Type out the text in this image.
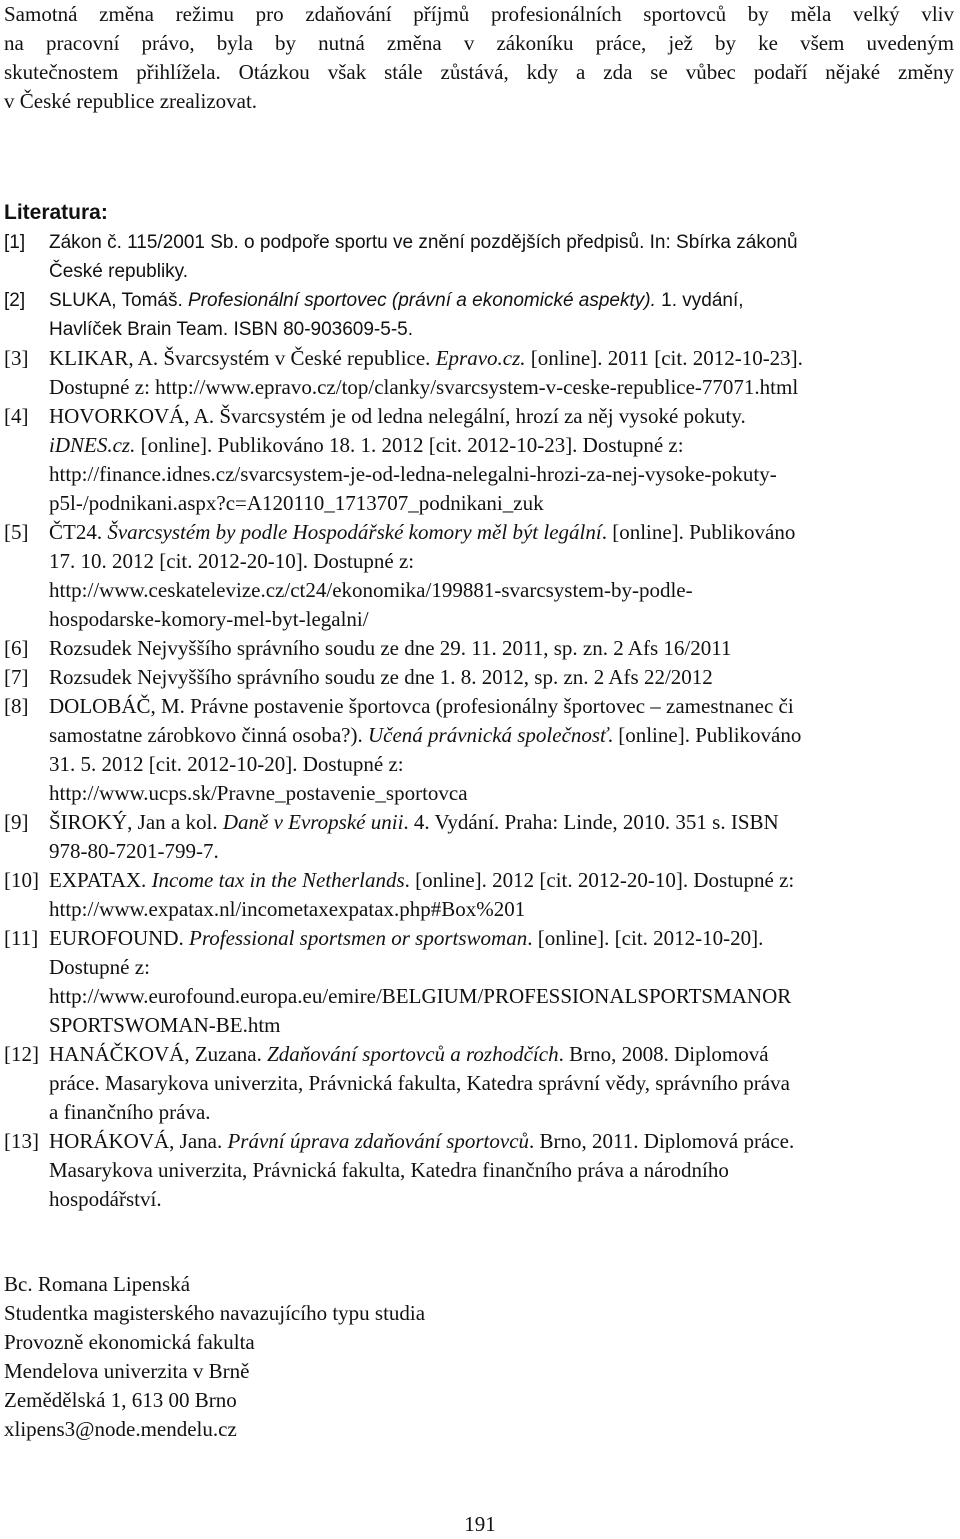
Samotná změna režimu pro zdaňování příjmů profesionálních sportovců by měla velký vliv
na pracovní právo, byla by nutná změna v zákoníku práce, jež by ke všem uvedeným
skutečnostem přihlížela. Otázkou však stále zůstává, kdy a zda se vůbec podaří nějaké změny
v České republice zrealizovat.

Literatura:
[1] Zákon č. 115/2001 Sb. o podpoře sportu ve znění pozdějších předpisů. In: Sbírka zákonů
České republiky.
[2] SLUKA, Tomáš. Profesionální sportovec (právní a ekonomické aspekty). 1. vydání,
Havlíček Brain Team. ISBN 80-903609-5-5.
[3] KLIKAR, A. Švarcsystém v České republice. Epravo.cz. [online]. 2011 [cit. 2012-10-23].
Dostupné z: http://www.epravo.cz/top/clanky/svarcsystem-v-ceske-republice-77071.html
[4] HOVORKOVÁ, A. Švarcsystém je od ledna nelegální, hrozí za něj vysoké pokuty.
iDNES.cz. [online]. Publikováno 18. 1. 2012 [cit. 2012-10-23]. Dostupné z:
http://finance.idnes.cz/svarcsystem-je-od-ledna-nelegalni-hrozi-za-nej-vysoke-pokuty-
p5l-/podnikani.aspx?c=A120110_1713707_podnikani_zuk
[5] ČT24. Švarcsystém by podle Hospodářské komory měl být legální. [online]. Publikováno
17. 10. 2012 [cit. 2012-20-10]. Dostupné z:
http://www.ceskatelevize.cz/ct24/ekonomika/199881-svarcsystem-by-podle-
hospodarske-komory-mel-byt-legalni/
[6] Rozsudek Nejvyššího správního soudu ze dne 29. 11. 2011, sp. zn. 2 Afs 16/2011
[7] Rozsudek Nejvyššího správního soudu ze dne 1. 8. 2012, sp. zn. 2 Afs 22/2012
[8] DOLOBÁČ, M. Právne postavenie športovca (profesionálny športovec – zamestnanec či
samostatne zárobkovo činná osoba?). Učená právnická společnosť. [online]. Publikováno
31. 5. 2012 [cit. 2012-10-20]. Dostupné z:
http://www.ucps.sk/Pravne_postavenie_sportovca
[9] ŠIROKÝ, Jan a kol. Daně v Evropské unii. 4. Vydání. Praha: Linde, 2010. 351 s. ISBN
978-80-7201-799-7.
[10] EXPATAX. Income tax in the Netherlands. [online]. 2012 [cit. 2012-20-10]. Dostupné z:
http://www.expatax.nl/incometaxexpatax.php#Box%201
[11] EUROFOUND. Professional sportsmen or sportswoman. [online]. [cit. 2012-10-20].
Dostupné z:
http://www.eurofound.europa.eu/emire/BELGIUM/PROFESSIONALSPORTSMANOR
SPORTSWOMAN-BE.htm
[12] HANÁČKOVÁ, Zuzana. Zdaňování sportovců a rozhodčích. Brno, 2008. Diplomová
práce. Masarykova univerzita, Právnická fakulta, Katedra správní vědy, správního práva
a finančního práva.
[13] HORÁKOVÁ, Jana. Právní úprava zdaňování sportovců. Brno, 2011. Diplomová práce.
Masarykova univerzita, Právnická fakulta, Katedra finančního práva a národního
hospodářství.
Bc. Romana Lipenská
Studentka magisterského navazujícího typu studia
Provozně ekonomická fakulta
Mendelova univerzita v Brně
Zemědělská 1, 613 00 Brno
xlipens3@node.mendelu.cz
191
